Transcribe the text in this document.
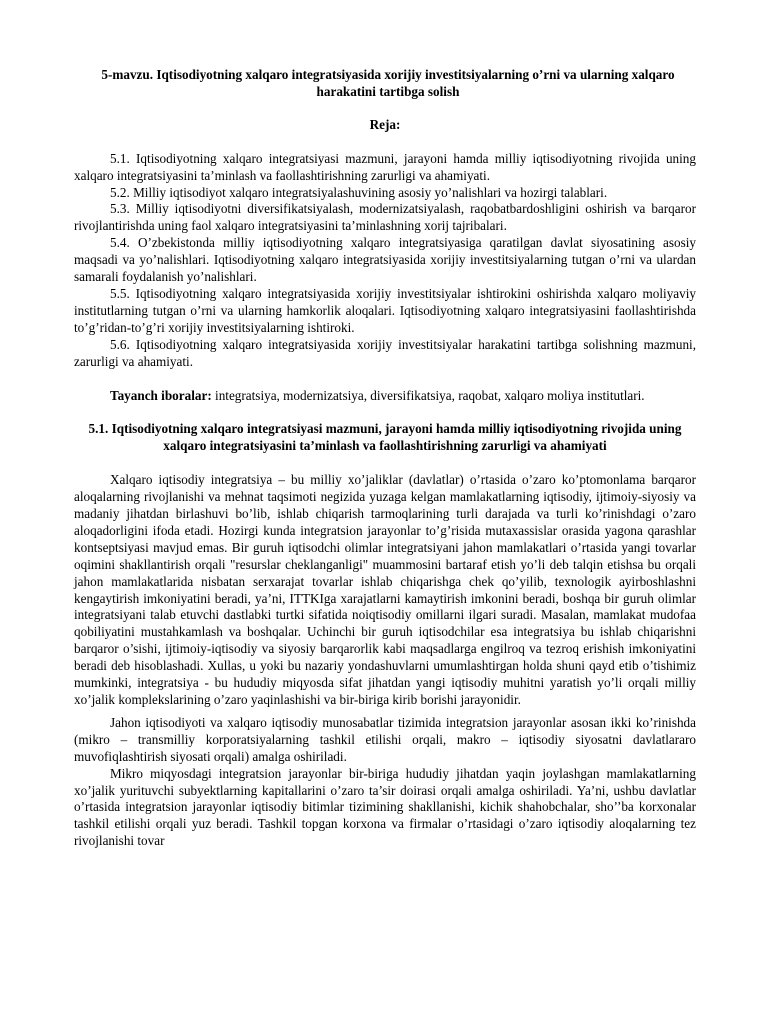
5-mavzu. Iqtisodiyotning xalqaro integratsiyasida xorijiy investitsiyalarning o’rni va ularning xalqaro harakatini tartibga solish

Reja:

5.1. Iqtisodiyotning xalqaro integratsiyasi mazmuni, jarayoni hamda milliy iqtisodiyotning rivojida uning xalqaro integratsiyasini ta’minlash va faollashtirishning zarurligi va ahamiyati.

5.2. Milliy iqtisodiyot xalqaro integratsiyalashuvining asosiy yo’nalishlari va hozirgi talablari.

5.3. Milliy iqtisodiyotni diversifikatsiyalash, modernizatsiyalash, raqobatbardoshligini oshirish va barqaror rivojlantirishda uning faol xalqaro integratsiyasini ta’minlashning xorij tajribalari.

5.4. O’zbekistonda milliy iqtisodiyotning xalqaro integratsiyasiga qaratilgan davlat siyosatining asosiy maqsadi va yo’nalishlari. Iqtisodiyotning xalqaro integratsiyasida xorijiy investitsiyalarning tutgan o’rni va ulardan samarali foydalanish yo’nalishlari.

5.5. Iqtisodiyotning xalqaro integratsiyasida xorijiy investitsiyalar ishtirokini oshirishda xalqaro moliyaviy institutlarning tutgan o’rni va ularning hamkorlik aloqalari. Iqtisodiyotning xalqaro integratsiyasini faollashtirishda to’g’ridan-to’g’ri xorijiy investitsiyalarning ishtiroki.

5.6. Iqtisodiyotning xalqaro integratsiyasida xorijiy investitsiyalar harakatini tartibga solishning mazmuni, zarurligi va ahamiyati.

Tayanch iboralar: integratsiya, modernizatsiya, diversifikatsiya, raqobat, xalqaro moliya institutlari.

5.1. Iqtisodiyotning xalqaro integratsiyasi mazmuni, jarayoni hamda milliy iqtisodiyotning rivojida uning xalqaro integratsiyasini ta’minlash va faollashtirishning zarurligi va ahamiyati

Xalqaro iqtisodiy integratsiya – bu milliy xo’jaliklar (davlatlar) o’rtasida o’zaro ko’ptomonlama barqaror aloqalarning rivojlanishi va mehnat taqsimoti negizida yuzaga kelgan mamlakatlarning iqtisodiy, ijtimoiy-siyosiy va madaniy jihatdan birlashuvi bo’lib, ishlab chiqarish tarmoqlarining turli darajada va turli ko’rinishdagi o’zaro aloqadorligini ifoda etadi. Hozirgi kunda integratsion jarayonlar to’g’risida mutaxassislar orasida yagona qarashlar kontseptsiyasi mavjud emas. Bir guruh iqtisodchi olimlar integratsiyani jahon mamlakatlari o’rtasida yangi tovarlar oqimini shakllantirish orqali "resurslar cheklanganligi" muammosini bartaraf etish yo’li deb talqin etishsa bu orqali jahon mamlakatlarida nisbatan serxarajat tovarlar ishlab chiqarishga chek qo’yilib, texnologik ayirboshlashni kengaytirish imkoniyatini beradi, ya’ni, ITTKIga xarajatlarni kamaytirish imkonini beradi, boshqa bir guruh olimlar integratsiyani talab etuvchi dastlabki turtki sifatida noiqtisodiy omillarni ilgari suradi. Masalan, mamlakat mudofaa qobiliyatini mustahkamlash va boshqalar. Uchinchi bir guruh iqtisodchilar esa integratsiya bu ishlab chiqarishni barqaror o’sishi, ijtimoiy-iqtisodiy va siyosiy barqarorlik kabi maqsadlarga engilroq va tezroq erishish imkoniyatini beradi deb hisoblashadi. Xullas, u yoki bu nazariy yondashuvlarni umumlashtirgan holda shuni qayd etib o’tishimiz mumkinki, integratsiya - bu hududiy miqyosda sifat jihatdan yangi iqtisodiy muhitni yaratish yo’li orqali milliy xo’jalik komplekslarining o’zaro yaqinlashishi va bir-biriga kirib borishi jarayonidir.

Jahon iqtisodiyoti va xalqaro iqtisodiy munosabatlar tizimida integratsion jarayonlar asosan ikki ko’rinishda (mikro – transmilliy korporatsiyalarning tashkil etilishi orqali, makro – iqtisodiy siyosatni davlatlararo muvofiqlashtirish siyosati orqali) amalga oshiriladi.

Mikro miqyosdagi integratsion jarayonlar bir-biriga hududiy jihatdan yaqin joylashgan mamlakatlarning xo’jalik yurituvchi subyektlarning kapitallarini o’zaro ta’sir doirasi orqali amalga oshiriladi. Ya’ni, ushbu davlatlar o’rtasida integratsion jarayonlar iqtisodiy bitimlar tizimining shakllanishi, kichik shahobchalar, sho’’ba korxonalar tashkil etilishi orqali yuz beradi. Tashkil topgan korxona va firmalar o’rtasidagi o’zaro iqtisodiy aloqalarning tez rivojlanishi tovar
